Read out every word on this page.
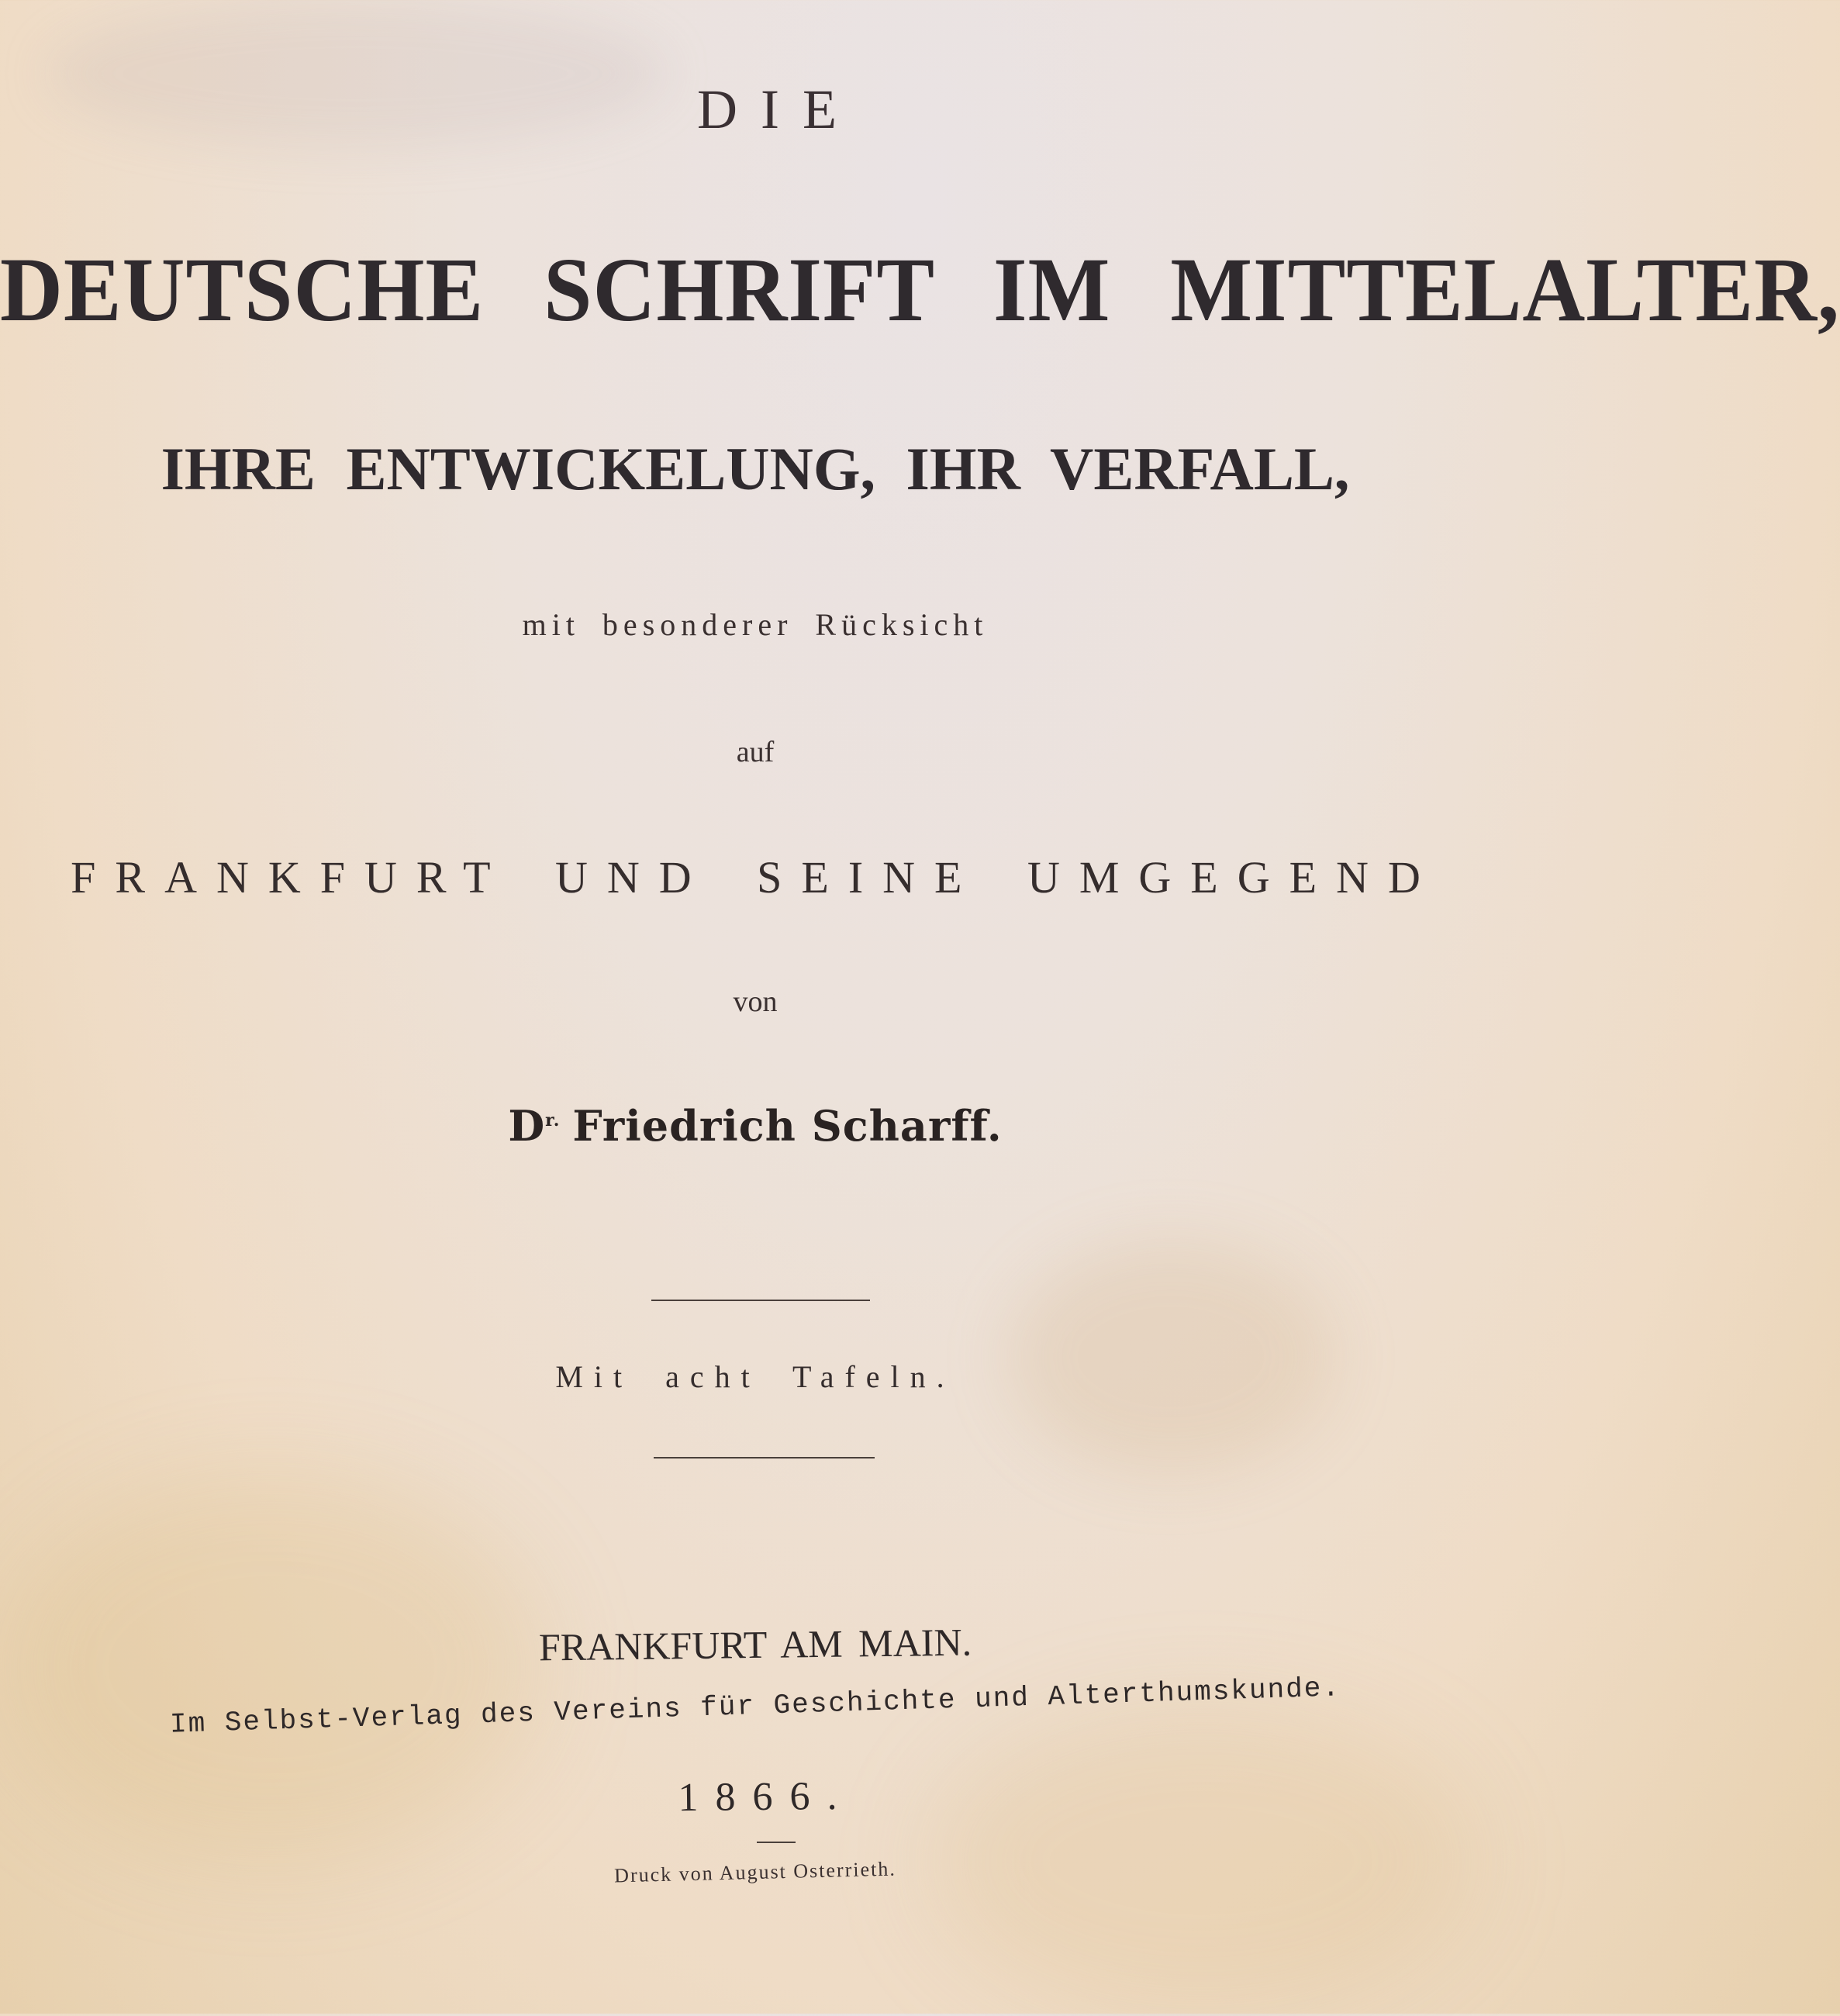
DIE

DEUTSCHE SCHRIFT IM MITTELALTER,

IHRE ENTWICKELUNG, IHR VERFALL,

mit besonderer Rücksicht

auf

FRANKFURT UND SEINE UMGEGEND

von

$D^{r.}$ Friedrich Scharff.

Mit acht Tafeln.

FRANKFURT AM MAIN.

Im Selbst-Verlag des Vereins für Geschichte und Alterthumskunde.

1866.

Druck von August Osterrieth.
